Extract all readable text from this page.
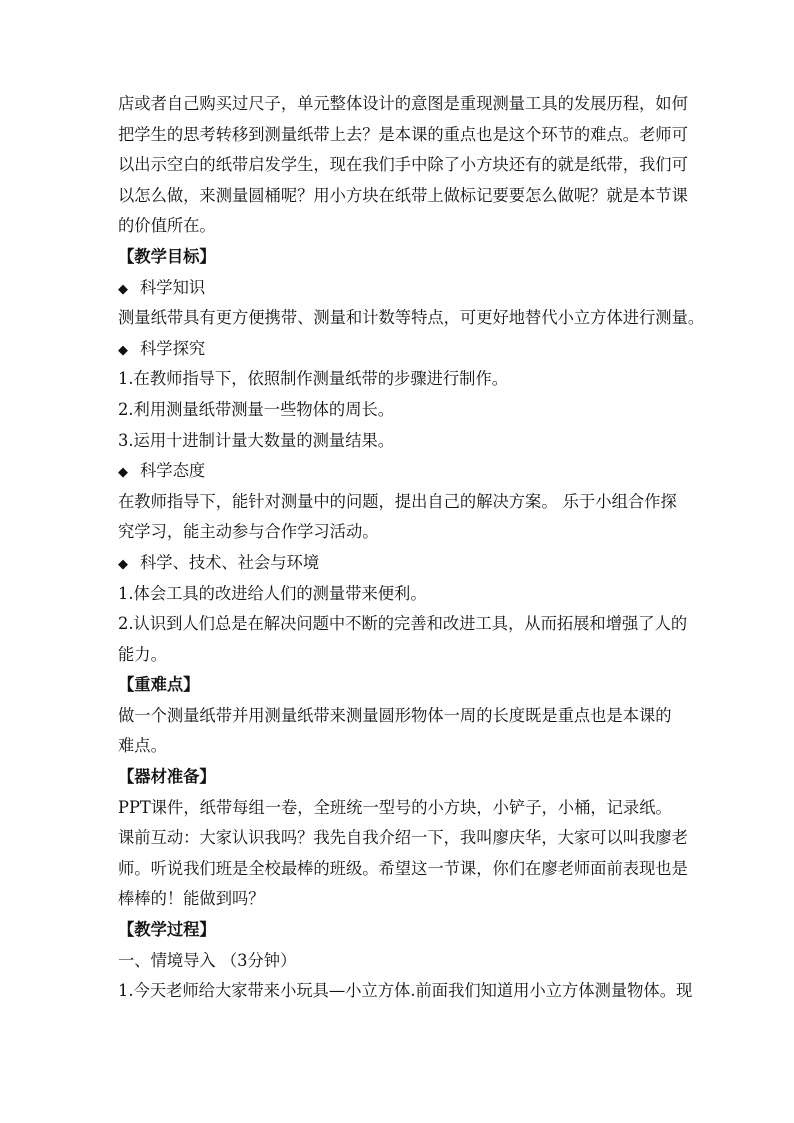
店或者自己购买过尺子，单元整体设计的意图是重现测量工具的发展历程，如何
把学生的思考转移到测量纸带上去？是本课的重点也是这个环节的难点。老师可
以出示空白的纸带启发学生，现在我们手中除了小方块还有的就是纸带，我们可
以怎么做，来测量圆桶呢？用小方块在纸带上做标记要要怎么做呢？就是本节课
的价值所在。
【教学目标】
◆ 科学知识
测量纸带具有更方便携带、测量和计数等特点，可更好地替代小立方体进行测量。
◆ 科学探究
1.在教师指导下，依照制作测量纸带的步骤进行制作。
2.利用测量纸带测量一些物体的周长。
3.运用十进制计量大数量的测量结果。
◆ 科学态度
在教师指导下，能针对测量中的问题，提出自己的解决方案。 乐于小组合作探
究学习，能主动参与合作学习活动。
◆ 科学、技术、社会与环境
1.体会工具的改进给人们的测量带来便利。
2.认识到人们总是在解决问题中不断的完善和改进工具，从而拓展和增强了人的
能力。
【重难点】
做一个测量纸带并用测量纸带来测量圆形物体一周的长度既是重点也是本课的
难点。
【器材准备】
PPT课件，纸带每组一卷，全班统一型号的小方块，小铲子，小桶，记录纸。
课前互动：大家认识我吗？我先自我介绍一下，我叫廖庆华，大家可以叫我廖老
师。听说我们班是全校最棒的班级。希望这一节课，你们在廖老师面前表现也是
棒棒的！能做到吗？
【教学过程】
一、情境导入 （3分钟）
1.今天老师给大家带来小玩具—小立方体.前面我们知道用小立方体测量物体。现
